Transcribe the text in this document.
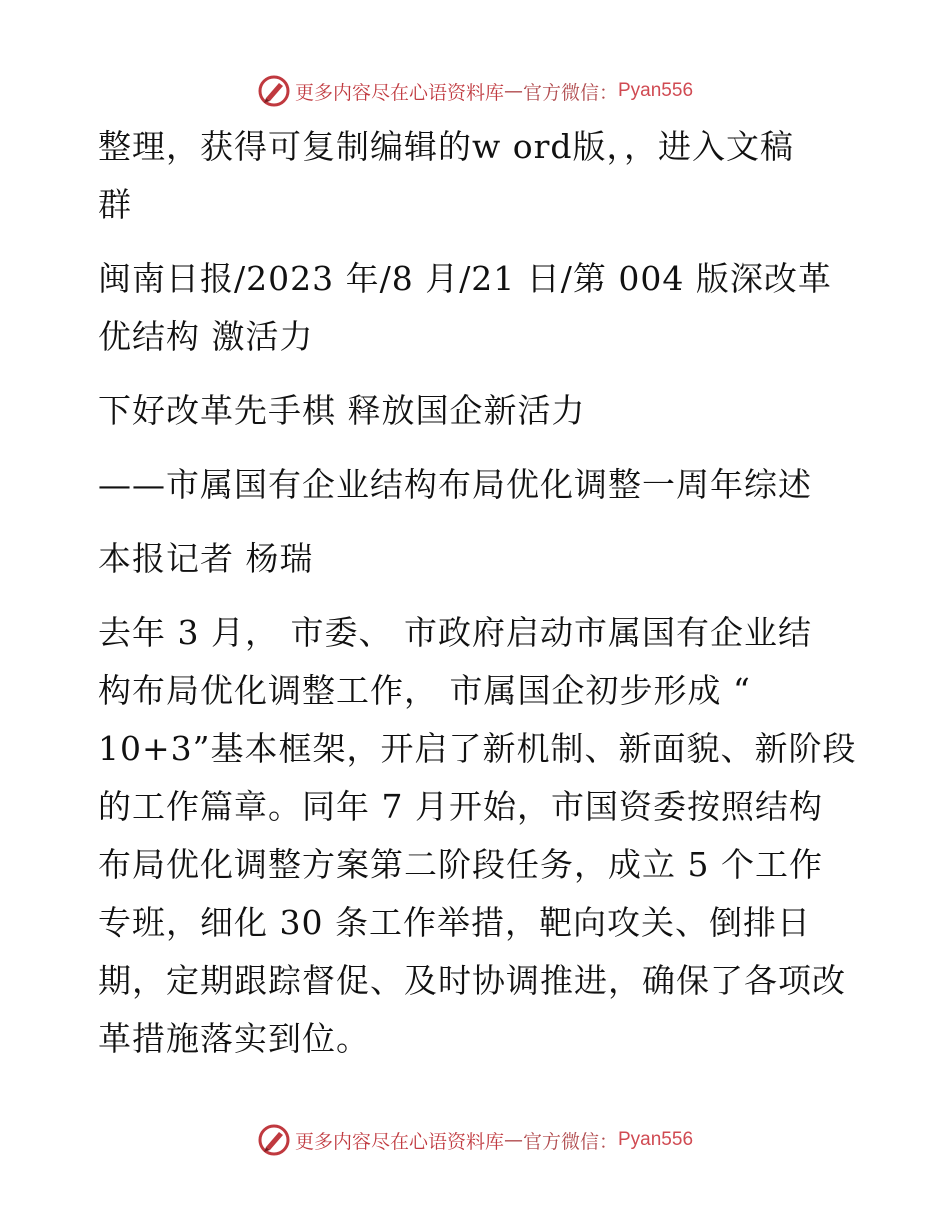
更多内容尽在心语资料库 — 官方微信： Pyan556
整理，获得可复制编辑的w ord版，，进入文稿
群
闽南日报/2023 年/8 月/21 日/第 004 版深改革
优结构 激活力
下好改革先手棋 释放国企新活力
——市属国有企业结构布局优化调整一周年综述
本报记者 杨瑞
去年 3 月， 市委、 市政府启动市属国有企业结
构布局优化调整工作， 市属国企初步形成 “
10+3”基本框架，开启了新机制、新面貌、新阶段
的工作篇章。同年 7 月开始，市国资委按照结构
布局优化调整方案第二阶段任务，成立 5 个工作
专班，细化 30 条工作举措，靶向攻关、倒排日
期，定期跟踪督促、及时协调推进，确保了各项改
革措施落实到位。
更多内容尽在心语资料库 — 官方微信： Pyan556
